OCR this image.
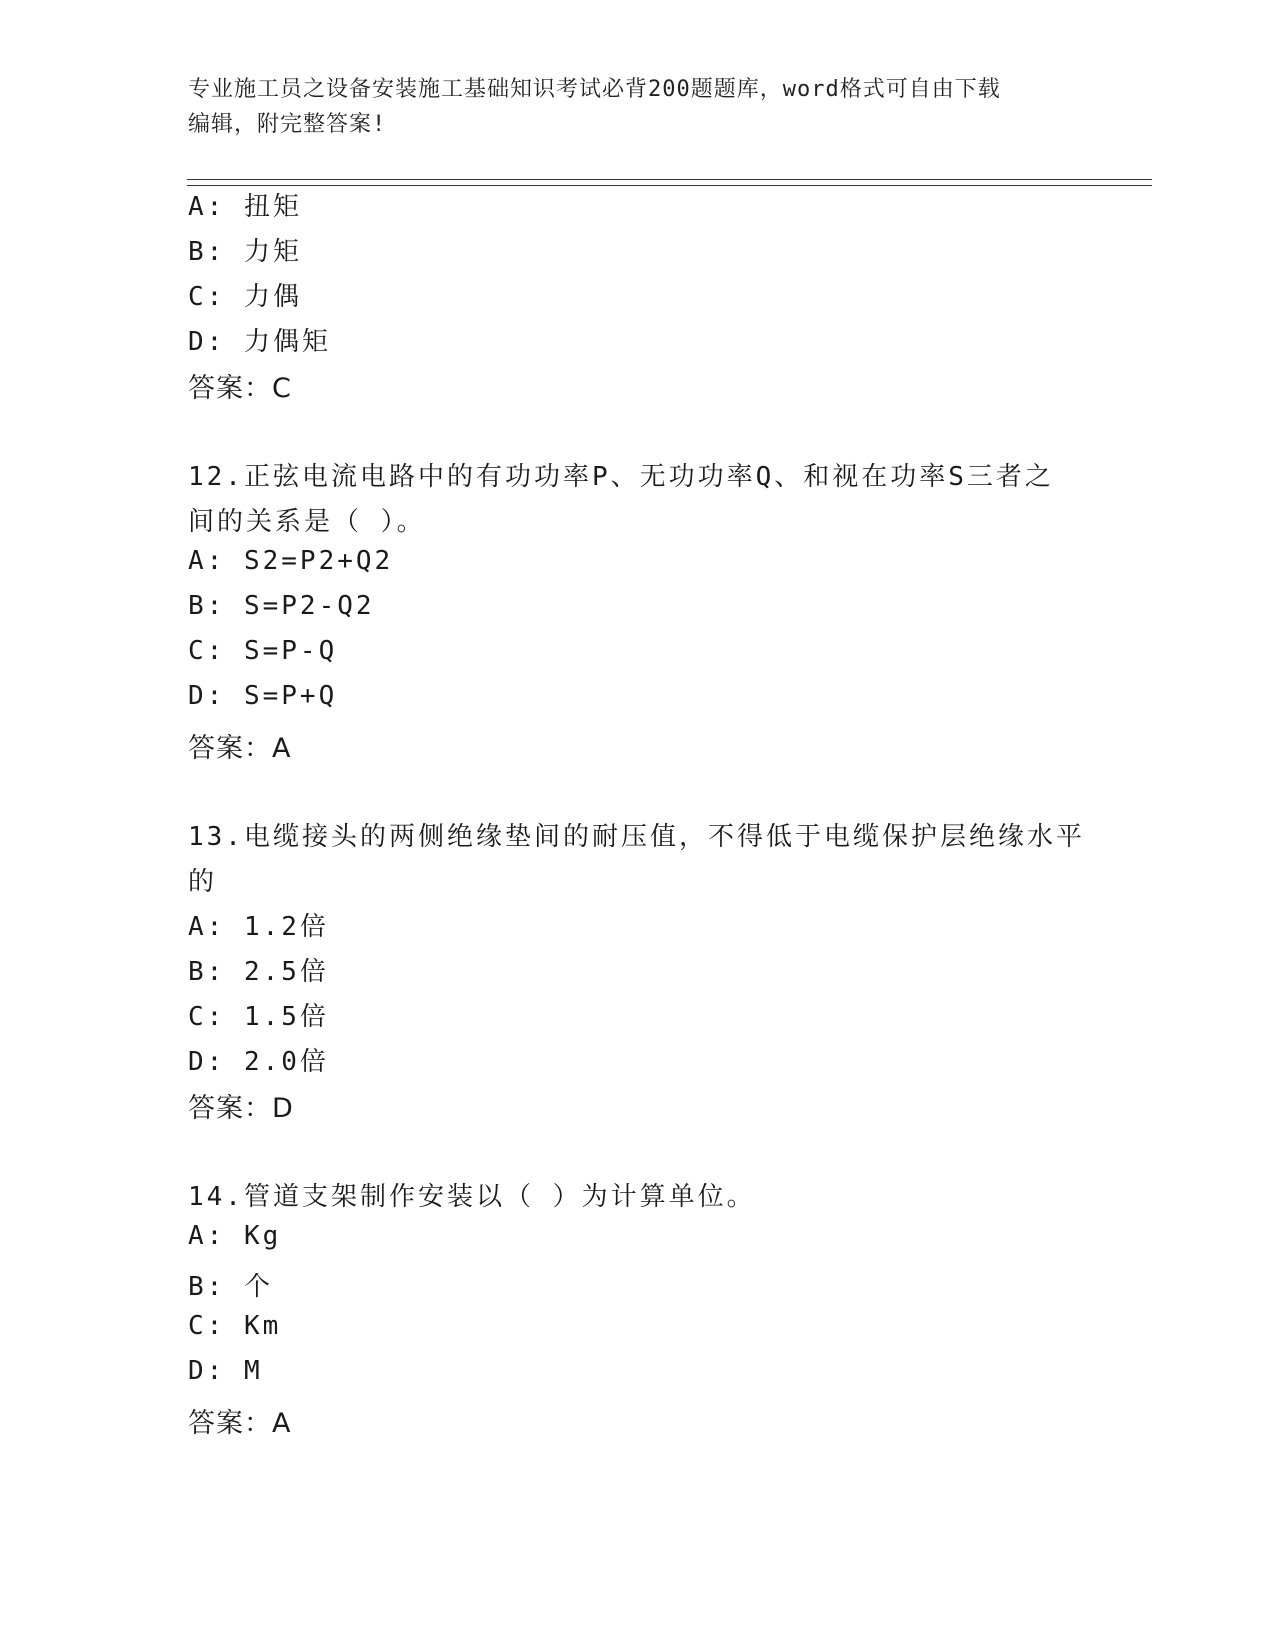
专业施工员之设备安装施工基础知识考试必背200题题库，word格式可自由下载
编辑，附完整答案!
A: 扭矩
B: 力矩
C: 力偶
D: 力偶矩
答案：C
12.正弦电流电路中的有功功率P、无功功率Q、和视在功率S三者之
间的关系是（ ）。
A: S2=P2+Q2
B: S=P2-Q2
C: S=P-Q
D: S=P+Q
答案：A
13.电缆接头的两侧绝缘垫间的耐压值，不得低于电缆保护层绝缘水平
的
A: 1.2倍
B: 2.5倍
C: 1.5倍
D: 2.0倍
答案：D
14.管道支架制作安装以（ ）为计算单位。
A: Kg
B: 个
C: Km
D: M
答案：A
